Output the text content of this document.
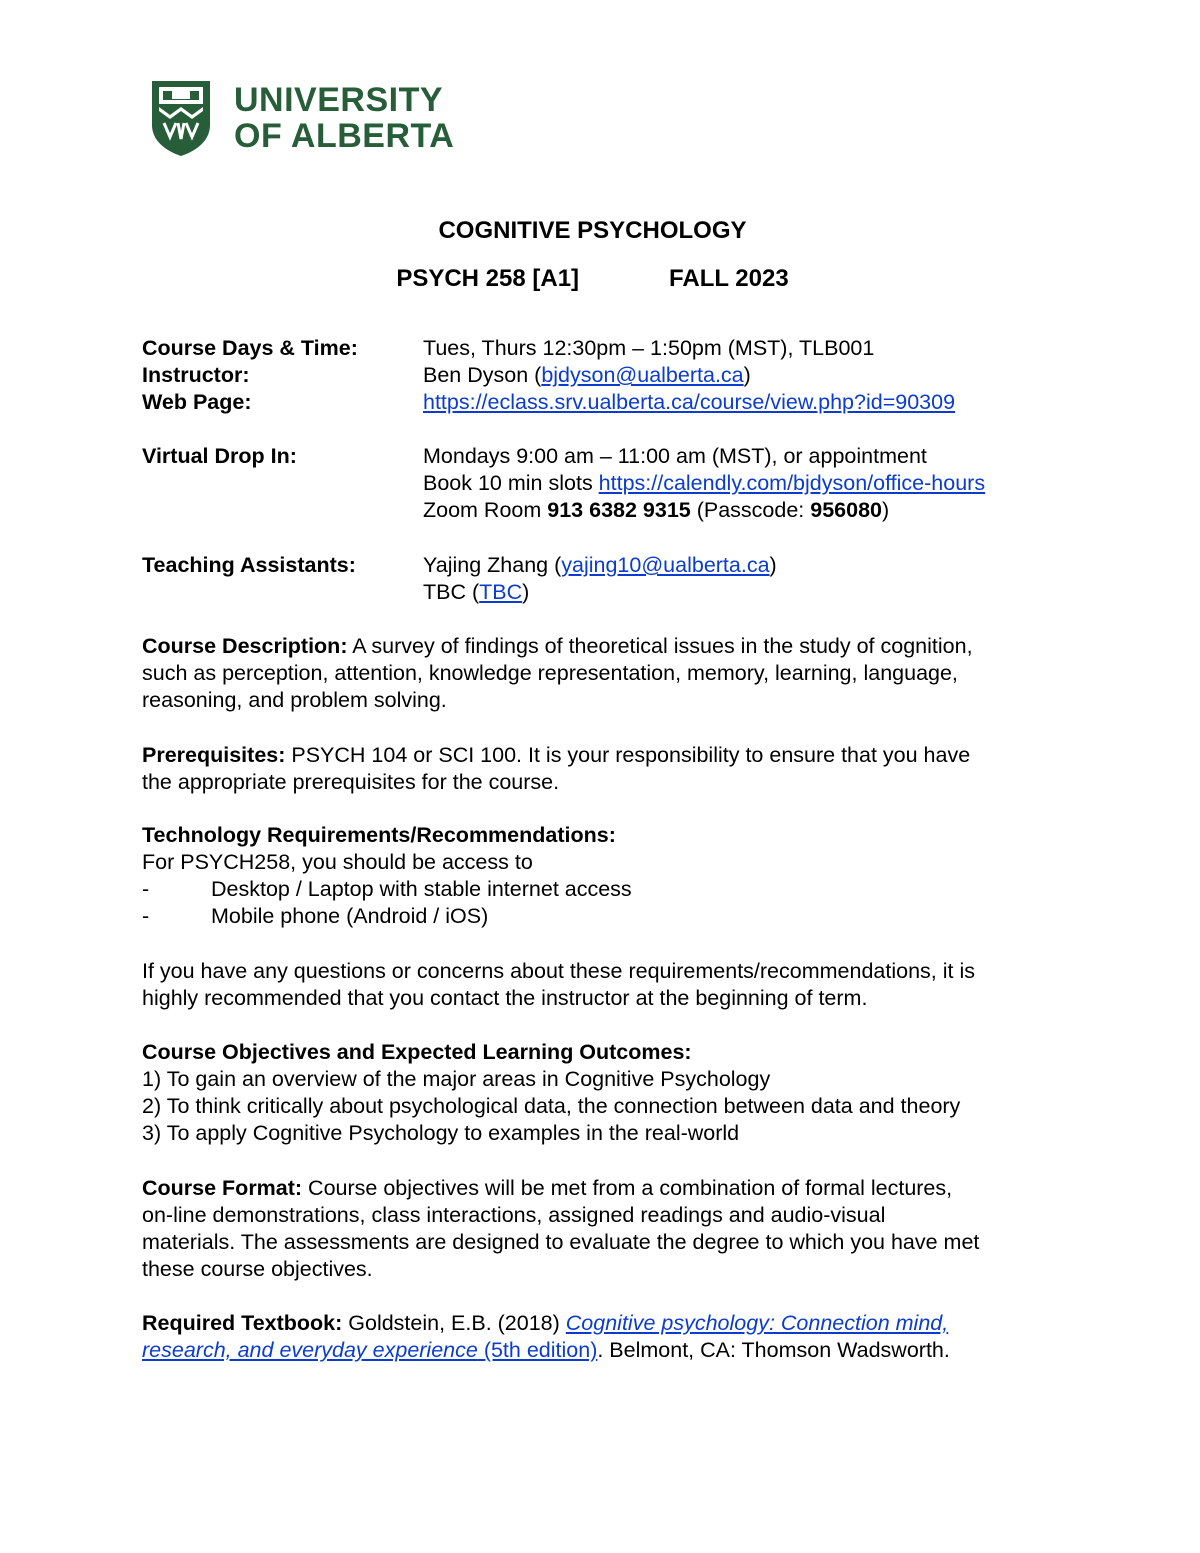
UNIVERSITY
OF ALBERTA
COGNITIVE PSYCHOLOGY
PSYCH 258 [A1]	FALL 2023
Course Days & Time:	Tues, Thurs 12:30pm – 1:50pm (MST), TLB001
Instructor:	Ben Dyson (bjdyson@ualberta.ca)
Web Page:	https://eclass.srv.ualberta.ca/course/view.php?id=90309
Virtual Drop In:	Mondays 9:00 am – 11:00 am (MST), or appointment
Book 10 min slots https://calendly.com/bjdyson/office-hours
Zoom Room 913 6382 9315 (Passcode: 956080)
Teaching Assistants:	Yajing Zhang (yajing10@ualberta.ca)
TBC (TBC)
Course Description: A survey of findings of theoretical issues in the study of cognition,
such as perception, attention, knowledge representation, memory, learning, language,
reasoning, and problem solving.
Prerequisites: PSYCH 104 or SCI 100. It is your responsibility to ensure that you have
the appropriate prerequisites for the course.
Technology Requirements/Recommendations:
For PSYCH258, you should be access to
-	Desktop / Laptop with stable internet access
-	Mobile phone (Android / iOS)
If you have any questions or concerns about these requirements/recommendations, it is
highly recommended that you contact the instructor at the beginning of term.
Course Objectives and Expected Learning Outcomes:
1) To gain an overview of the major areas in Cognitive Psychology
2) To think critically about psychological data, the connection between data and theory
3) To apply Cognitive Psychology to examples in the real-world
Course Format: Course objectives will be met from a combination of formal lectures,
on-line demonstrations, class interactions, assigned readings and audio-visual
materials. The assessments are designed to evaluate the degree to which you have met
these course objectives.
Required Textbook: Goldstein, E.B. (2018) Cognitive psychology: Connection mind,
research, and everyday experience (5th edition). Belmont, CA: Thomson Wadsworth.
